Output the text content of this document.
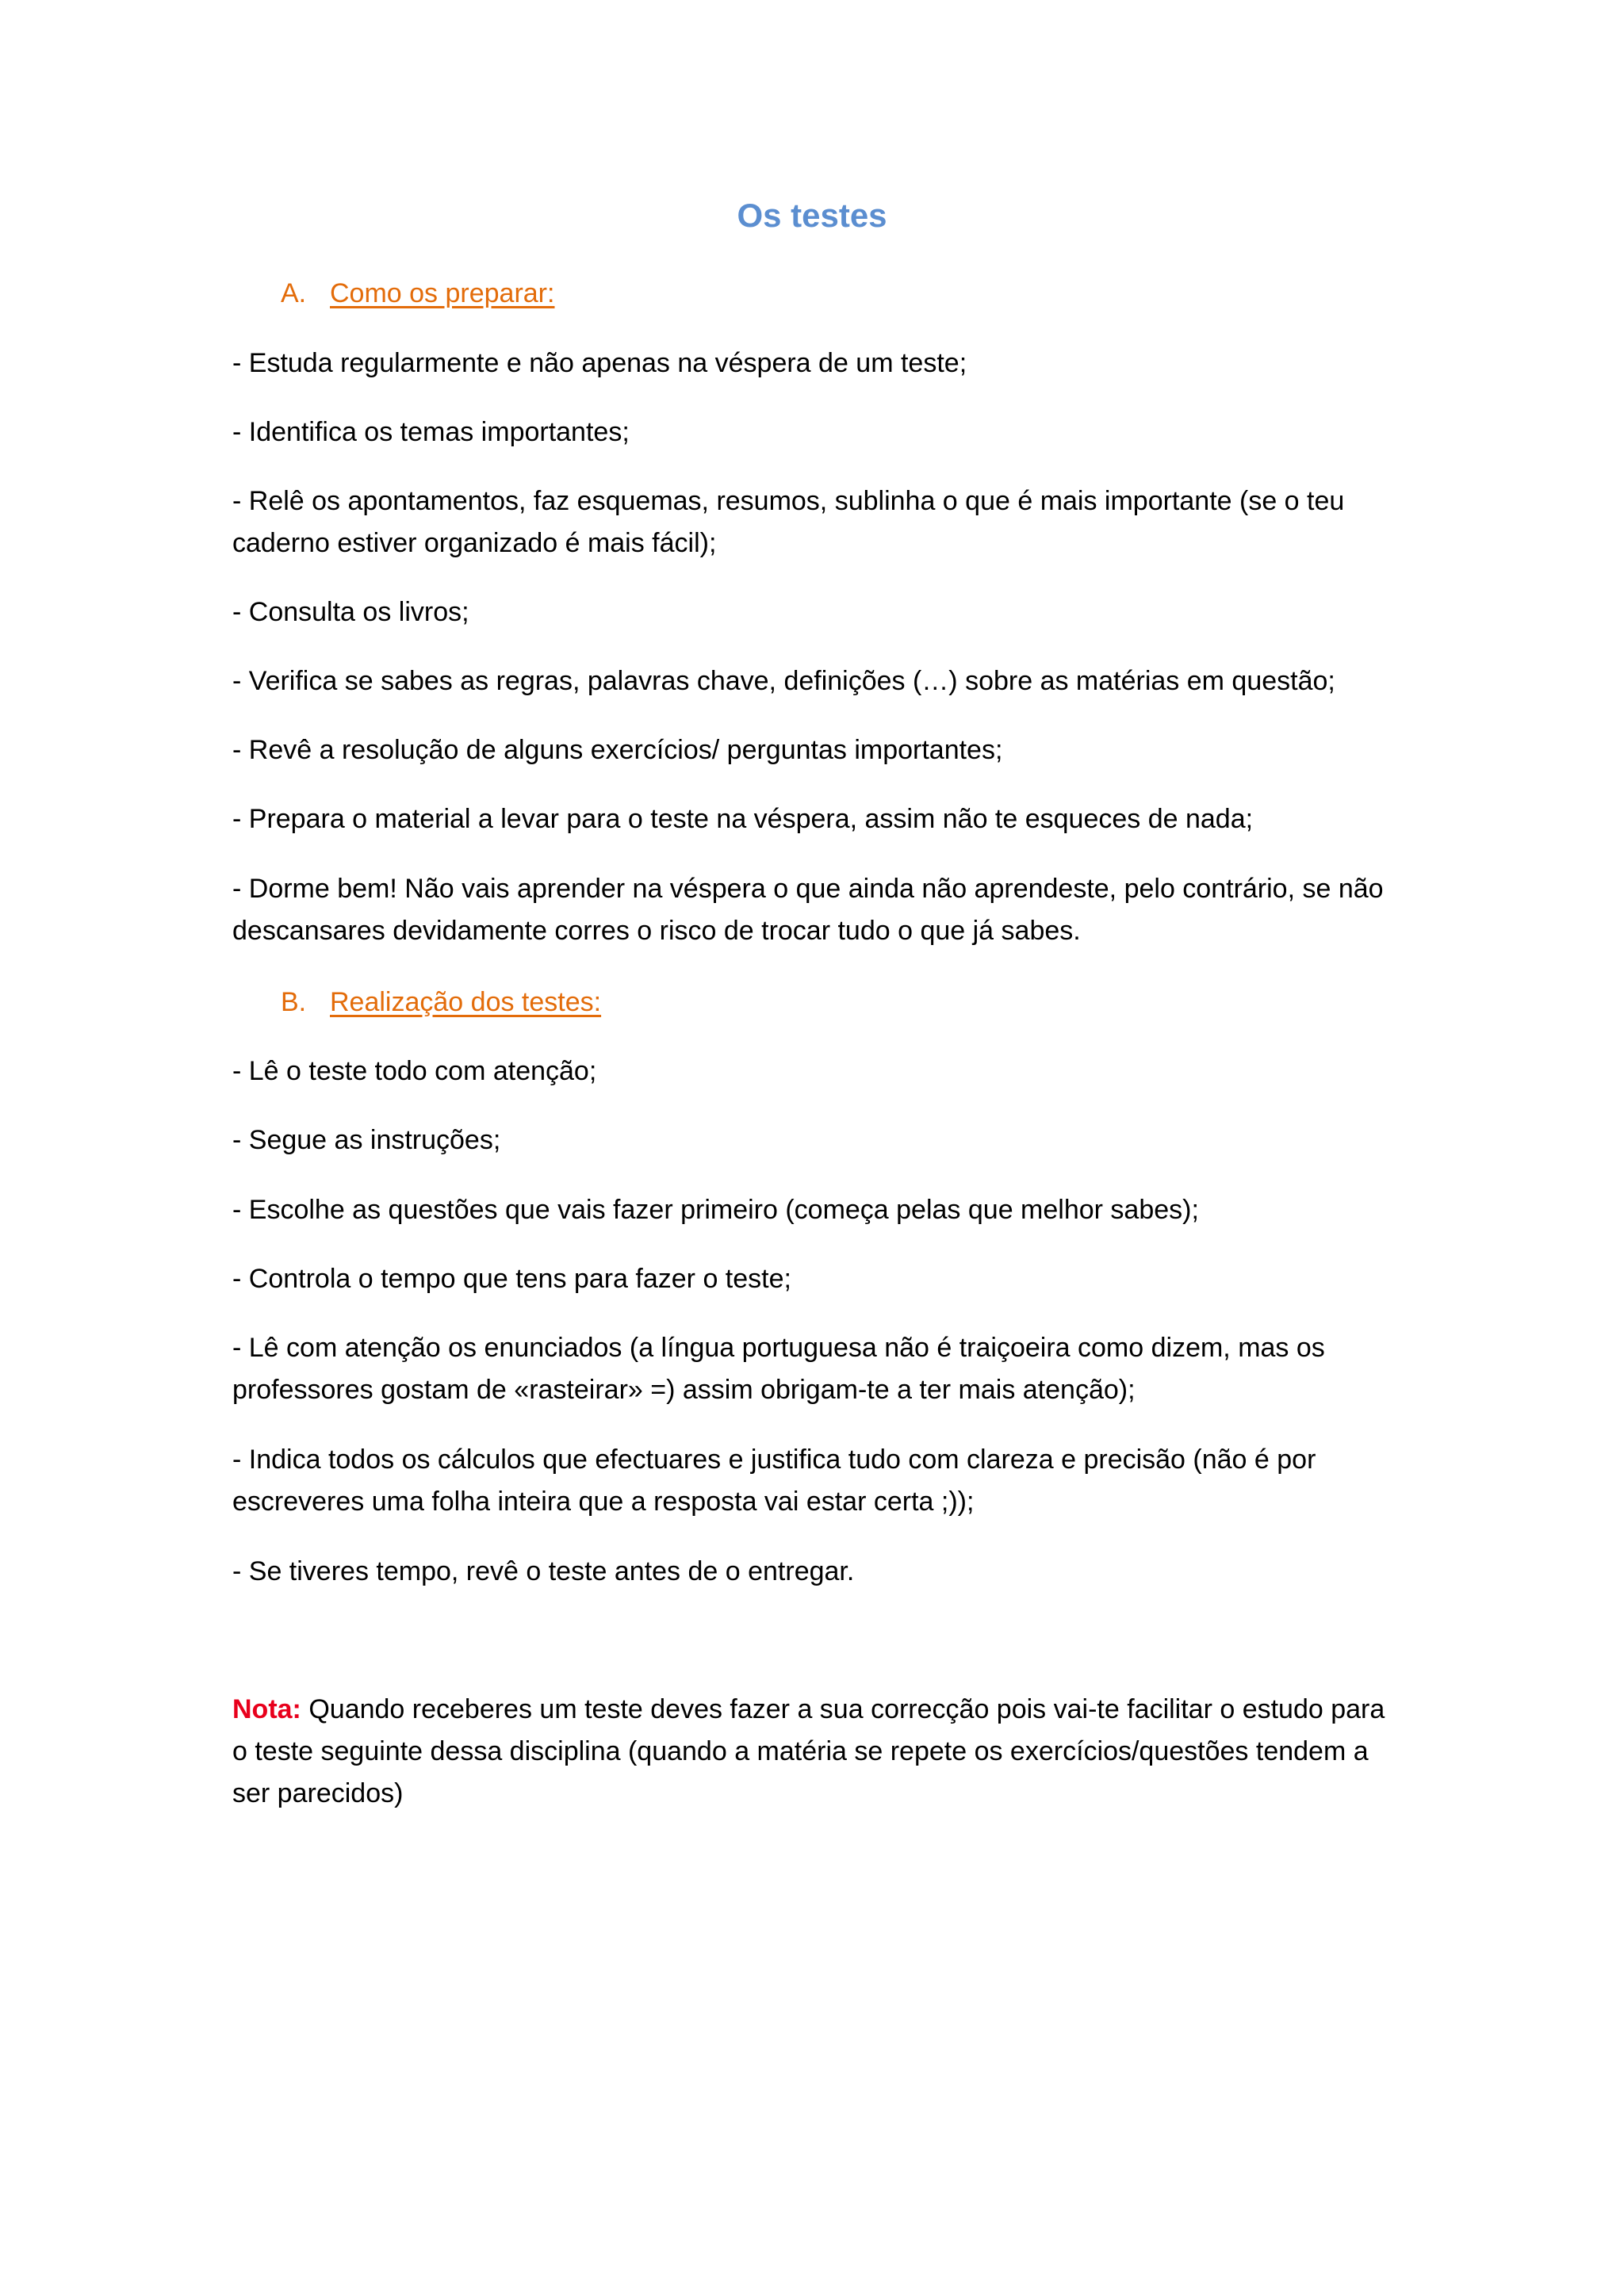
Os testes
A. Como os preparar:
- Estuda regularmente e não apenas na véspera de um teste;
- Identifica os temas importantes;
- Relê os apontamentos, faz esquemas, resumos, sublinha o que é mais importante (se o teu caderno estiver organizado é mais fácil);
- Consulta os livros;
- Verifica se sabes as regras, palavras chave, definições (…) sobre as matérias em questão;
- Revê a resolução de alguns exercícios/ perguntas importantes;
- Prepara o material a levar para o teste na véspera, assim não te esqueces de nada;
- Dorme bem! Não vais aprender na véspera o que ainda não aprendeste, pelo contrário, se não descansares devidamente corres o risco de trocar tudo o que já sabes.
B. Realização dos testes:
- Lê o teste todo com atenção;
- Segue as instruções;
- Escolhe as questões que vais fazer primeiro (começa pelas que melhor sabes);
- Controla o tempo que tens para fazer o teste;
- Lê com atenção os enunciados (a língua portuguesa não é traiçoeira como dizem, mas os professores gostam de «rasteirar» =) assim obrigam-te a ter mais atenção);
- Indica todos os cálculos que efectuares e justifica tudo com clareza e precisão (não é por escreveres uma folha inteira que a resposta vai estar certa ;));
- Se tiveres tempo, revê o teste antes de o entregar.
Nota: Quando receberes um teste deves fazer a sua correcção pois vai-te facilitar o estudo para o teste seguinte dessa disciplina (quando a matéria se repete os exercícios/questões tendem a ser parecidos)
